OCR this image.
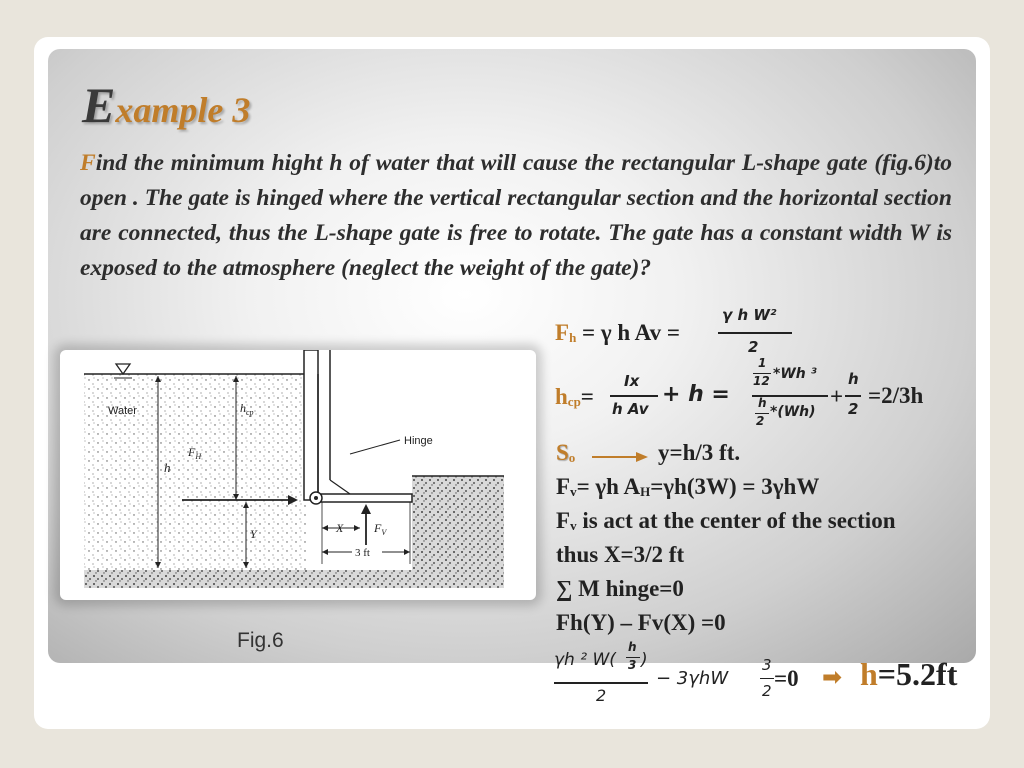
Example 3

Find the minimum hight h of water that will cause the rectangular L-shape gate (fig.6)to open . The gate is hinged where the vertical rectangular section and the horizontal section are connected, thus the L-shape gate is free to rotate. The gate has a constant width W is exposed to the atmosphere (neglect the weight of the gate)?

Hinge
Water
h
$h_{cp}$
$F_H$
Y	X	$F_V$
3 ft
Fig.6
Fh = γ h Av =
γ h W²
2
hcp=
Ix
h Av
+ h =
1
12 *Wh ³
h
2
*(Wh)
+
h
2
=2/3h
So	y=h/3 ft.
Fv= γh AH=γh(3W) = 3γhW
Fv is act at the center of the section
thus X=3/2 ft
∑ M hinge=0
Fh(Y) – Fv(X) =0
γh ² W(
h
3 )
2
− 3γhW
3
2 =0 ➡ h=5.2ft
